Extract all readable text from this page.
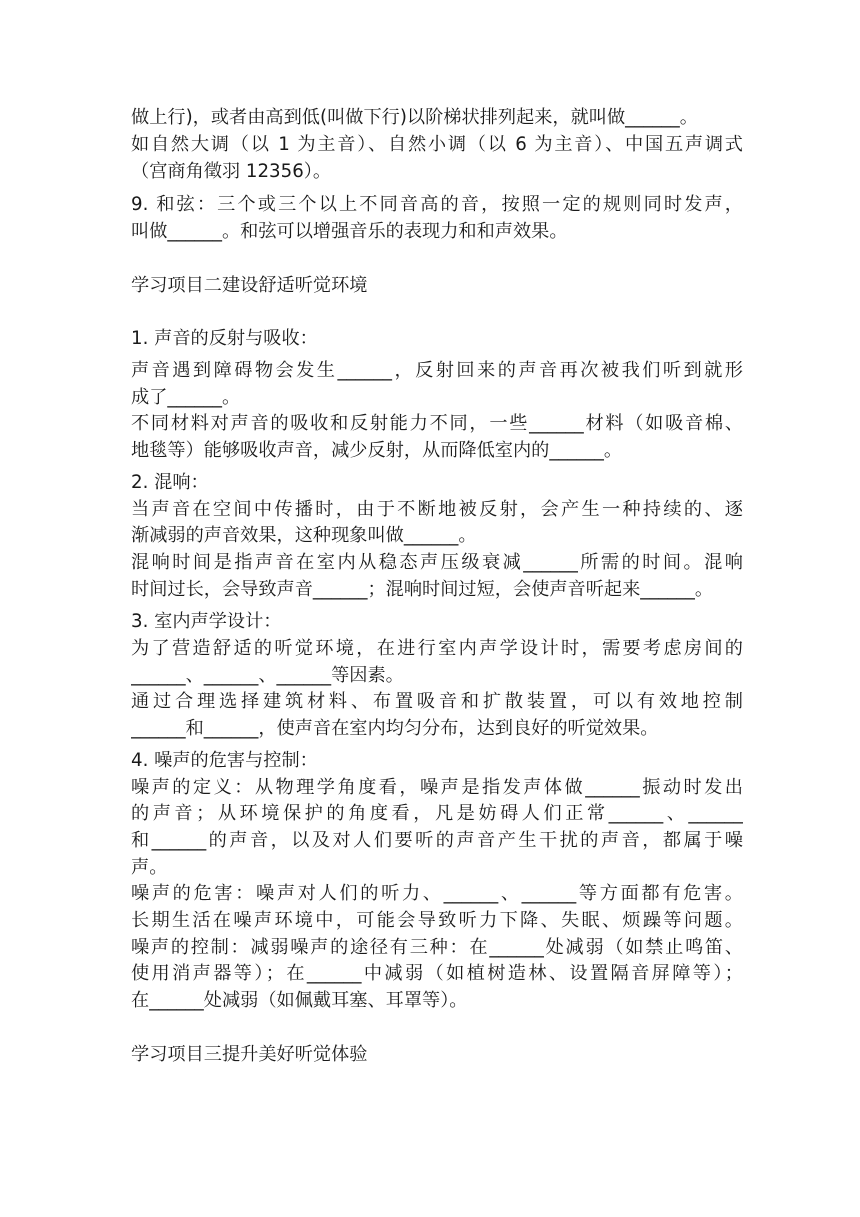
做上行)，或者由高到低(叫做下行)以阶梯状排列起来，就叫做______。
如自然大调（以 1 为主音）、自然小调（以 6 为主音）、中国五声调式
（宫商角徵羽 12356）。
9. 和弦：三个或三个以上不同音高的音，按照一定的规则同时发声，
叫做______。和弦可以增强音乐的表现力和和声效果。
学习项目二建设舒适听觉环境
1. 声音的反射与吸收：
声音遇到障碍物会发生______，反射回来的声音再次被我们听到就形
成了______。
不同材料对声音的吸收和反射能力不同，一些______材料（如吸音棉、
地毯等）能够吸收声音，减少反射，从而降低室内的______。
2. 混响：
当声音在空间中传播时，由于不断地被反射，会产生一种持续的、逐
渐减弱的声音效果，这种现象叫做______。
混响时间是指声音在室内从稳态声压级衰减______所需的时间。混响
时间过长，会导致声音______；混响时间过短，会使声音听起来______。
3. 室内声学设计：
为了营造舒适的听觉环境，在进行室内声学设计时，需要考虑房间的
______、______、______等因素。
通过合理选择建筑材料、布置吸音和扩散装置，可以有效地控制
______和______，使声音在室内均匀分布，达到良好的听觉效果。
4. 噪声的危害与控制：
噪声的定义：从物理学角度看，噪声是指发声体做______振动时发出
的声音；从环境保护的角度看，凡是妨碍人们正常______、______
和______的声音，以及对人们要听的声音产生干扰的声音，都属于噪
声。
噪声的危害：噪声对人们的听力、______、______等方面都有危害。
长期生活在噪声环境中，可能会导致听力下降、失眠、烦躁等问题。
噪声的控制：减弱噪声的途径有三种：在______处减弱（如禁止鸣笛、
使用消声器等）；在______中减弱（如植树造林、设置隔音屏障等）；
在______处减弱（如佩戴耳塞、耳罩等）。
学习项目三提升美好听觉体验
